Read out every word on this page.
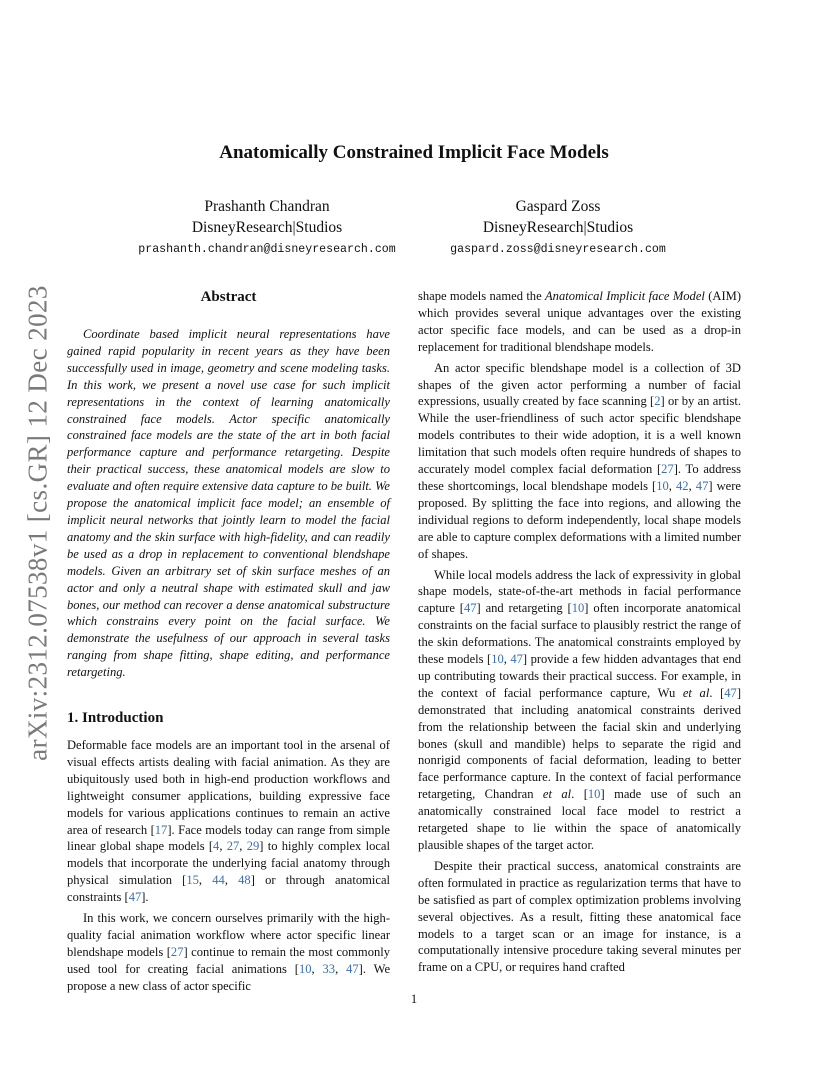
arXiv:2312.07538v1 [cs.GR] 12 Dec 2023
Anatomically Constrained Implicit Face Models
Prashanth Chandran
DisneyResearch|Studios
prashanth.chandran@disneyresearch.com
Gaspard Zoss
DisneyResearch|Studios
gaspard.zoss@disneyresearch.com
Abstract

Coordinate based implicit neural representations have gained rapid popularity in recent years as they have been successfully used in image, geometry and scene modeling tasks. In this work, we present a novel use case for such implicit representations in the context of learning anatomically constrained face models. Actor specific anatomically constrained face models are the state of the art in both facial performance capture and performance retargeting. Despite their practical success, these anatomical models are slow to evaluate and often require extensive data capture to be built. We propose the anatomical implicit face model; an ensemble of implicit neural networks that jointly learn to model the facial anatomy and the skin surface with high-fidelity, and can readily be used as a drop in replacement to conventional blendshape models. Given an arbitrary set of skin surface meshes of an actor and only a neutral shape with estimated skull and jaw bones, our method can recover a dense anatomical substructure which constrains every point on the facial surface. We demonstrate the usefulness of our approach in several tasks ranging from shape fitting, shape editing, and performance retargeting.

1. Introduction

Deformable face models are an important tool in the arsenal of visual effects artists dealing with facial animation. As they are ubiquitously used both in high-end production workflows and lightweight consumer applications, building expressive face models for various applications continues to remain an active area of research [17]. Face models today can range from simple linear global shape models [4, 27, 29] to highly complex local models that incorporate the underlying facial anatomy through physical simulation [15, 44, 48] or through anatomical constraints [47].

In this work, we concern ourselves primarily with the high-quality facial animation workflow where actor specific linear blendshape models [27] continue to remain the most commonly used tool for creating facial animations [10, 33, 47]. We propose a new class of actor specific

shape models named the Anatomical Implicit face Model (AIM) which provides several unique advantages over the existing actor specific face models, and can be used as a drop-in replacement for traditional blendshape models.

An actor specific blendshape model is a collection of 3D shapes of the given actor performing a number of facial expressions, usually created by face scanning [2] or by an artist. While the user-friendliness of such actor specific blendshape models contributes to their wide adoption, it is a well known limitation that such models often require hundreds of shapes to accurately model complex facial deformation [27]. To address these shortcomings, local blendshape models [10, 42, 47] were proposed. By splitting the face into regions, and allowing the individual regions to deform independently, local shape models are able to capture complex deformations with a limited number of shapes.

While local models address the lack of expressivity in global shape models, state-of-the-art methods in facial performance capture [47] and retargeting [10] often incorporate anatomical constraints on the facial surface to plausibly restrict the range of the skin deformations. The anatomical constraints employed by these models [10, 47] provide a few hidden advantages that end up contributing towards their practical success. For example, in the context of facial performance capture, Wu et al. [47] demonstrated that including anatomical constraints derived from the relationship between the facial skin and underlying bones (skull and mandible) helps to separate the rigid and nonrigid components of facial deformation, leading to better face performance capture. In the context of facial performance retargeting, Chandran et al. [10] made use of such an anatomically constrained local face model to restrict a retargeted shape to lie within the space of anatomically plausible shapes of the target actor.

Despite their practical success, anatomical constraints are often formulated in practice as regularization terms that have to be satisfied as part of complex optimization problems involving several objectives. As a result, fitting these anatomical face models to a target scan or an image for instance, is a computationally intensive procedure taking several minutes per frame on a CPU, or requires hand crafted

1
